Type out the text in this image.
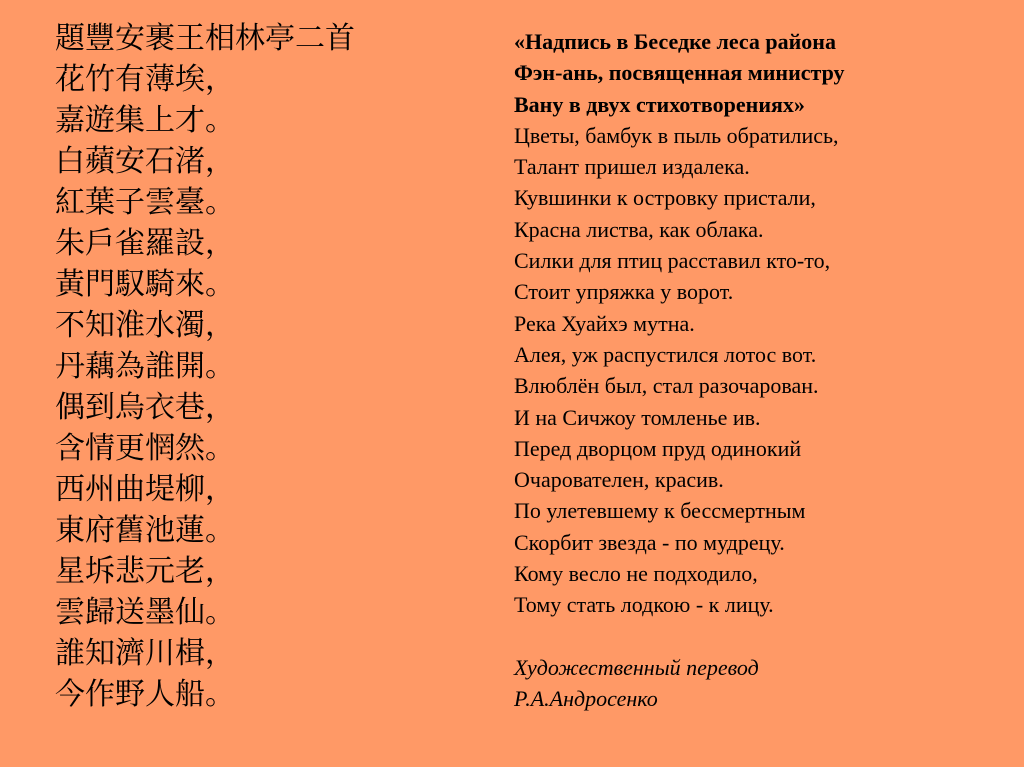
題豐安裹王相林亭二首
花竹有薄埃，
嘉遊集上才。
白蘋安石渚，
紅葉子雲臺。
朱戶雀羅設，
黃門馭騎來。
不知淮水濁，
丹藕為誰開。
偶到烏衣巷，
含情更惘然。
西州曲堤柳，
東府舊池蓮。
星坼悲元老，
雲歸送墨仙。
誰知濟川楫，
今作野人船。
«Надпись в Беседке леса района
Фэн-ань, посвященная министру
Вану в двух стихотворениях»
Цветы, бамбук в пыль обратились,
Талант пришел издалека.
Кувшинки к островку пристали,
Красна листва, как облака.
Силки для птиц расставил кто-то,
Стоит упряжка у ворот.
Река Хуайхэ мутна.
Алея, уж распустился лотос вот.
Влюблён был, стал разочарован.
И на Сичжоу томленье ив.
Перед дворцом пруд одинокий
Очарователен, красив.
По улетевшему к бессмертным
Скорбит звезда - по мудрецу.
Кому весло не подходило,
Тому стать лодкою - к лицу.
Художественный перевод
Р.А.Андросенко
